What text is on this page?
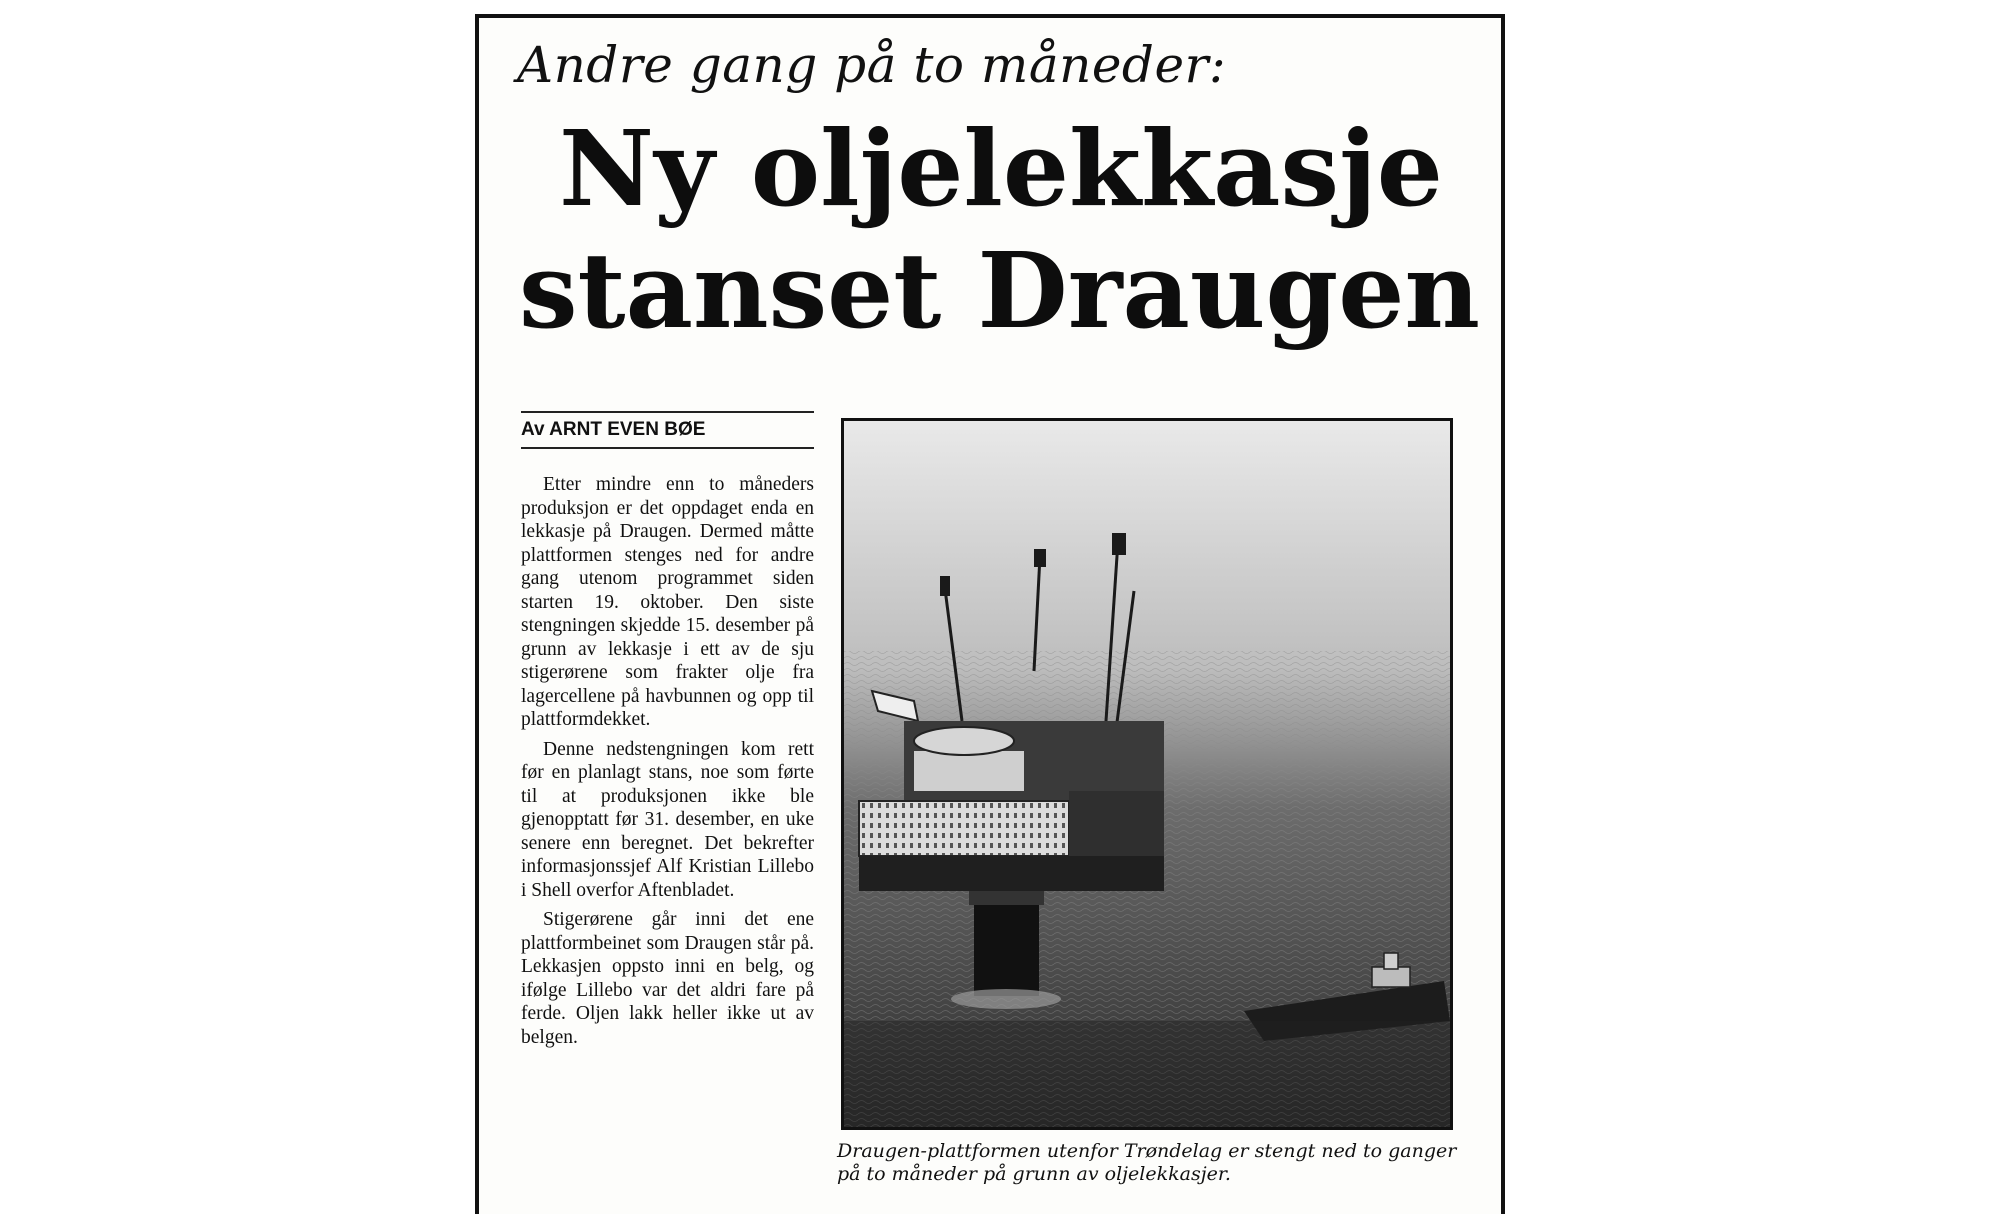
Andre gang på to måneder:
Ny oljelekkasje
stanset Draugen
Av ARNT EVEN BØE

Etter mindre enn to måneders produksjon er det oppdaget enda en lekkasje på Draugen. Dermed måtte plattformen stenges ned for andre gang utenom programmet siden starten 19. oktober. Den siste stengningen skjedde 15. desember på grunn av lekkasje i ett av de sju stigerørene som frakter olje fra lagercellene på havbunnen og opp til plattformdekket.

Denne nedstengningen kom rett før en planlagt stans, noe som førte til at produksjonen ikke ble gjenopptatt før 31. desember, en uke senere enn beregnet. Det bekrefter informasjonssjef Alf Kristian Lillebo i Shell overfor Aftenbladet.

Stigerørene går inni det ene plattformbeinet som Draugen står på. Lekkasjen oppsto inni en belg, og ifølge Lillebo var det aldri fare på ferde. Oljen lakk heller ikke ut av belgen.

Draugen-plattformen utenfor Trøndelag er stengt ned to ganger på to måneder på grunn av oljelekkasjer.
